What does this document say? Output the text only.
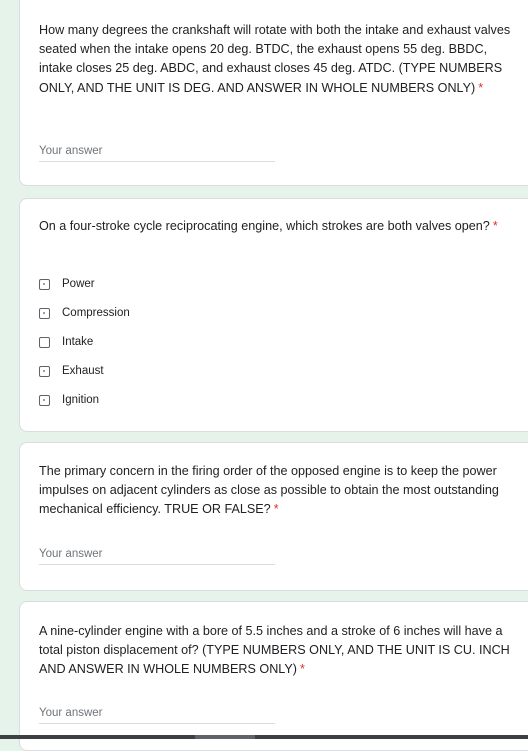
How many degrees the crankshaft will rotate with both the intake and exhaust valves seated when the intake opens 20 deg. BTDC, the exhaust opens 55 deg. BBDC, intake closes 25 deg. ABDC, and exhaust closes 45 deg. ATDC. (TYPE NUMBERS ONLY, AND THE UNIT IS DEG. AND ANSWER IN WHOLE NUMBERS ONLY) *
Your answer
On a four-stroke cycle reciprocating engine, which strokes are both valves open? *
Power
Compression
Intake
Exhaust
Ignition
The primary concern in the firing order of the opposed engine is to keep the power impulses on adjacent cylinders as close as possible to obtain the most outstanding mechanical efficiency. TRUE OR FALSE? *
Your answer
A nine-cylinder engine with a bore of 5.5 inches and a stroke of 6 inches will have a total piston displacement of? (TYPE NUMBERS ONLY, AND THE UNIT IS CU. INCH AND ANSWER IN WHOLE NUMBERS ONLY) *
Your answer
